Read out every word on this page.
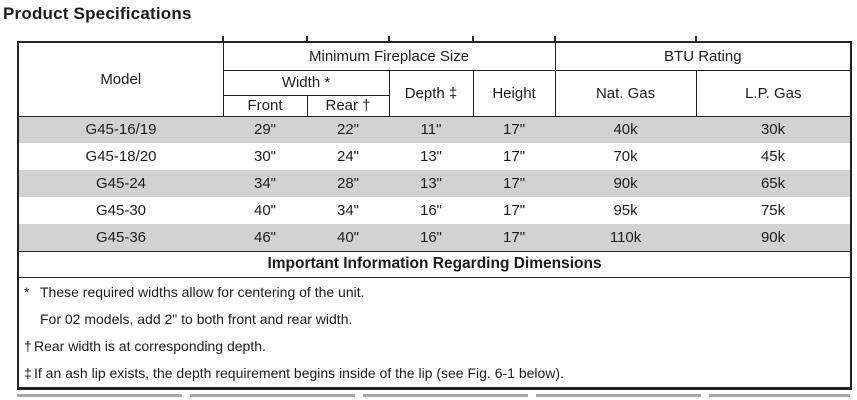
Product Specifications
Model	Minimum Fireplace Size				BTU Rating	
	Width *		Depth ‡	Height	Nat. Gas	L.P. Gas
	Front	Rear †				
G45-16/19	29"	22"	11"	17"	40k	30k
G45-18/20	30"	24"	13"	17"	70k	45k
G45-24	34"	28"	13"	17"	90k	65k
G45-30	40"	34"	16"	17"	95k	75k
G45-36	46"	40"	16"	17"	110k	90k
Important Information Regarding Dimensions						

* These required widths allow for centering of the unit.
For 02 models, add 2" to both front and rear width.
† Rear width is at corresponding depth.
‡ If an ash lip exists, the depth requirement begins inside of the lip (see Fig. 6-1 below).						
